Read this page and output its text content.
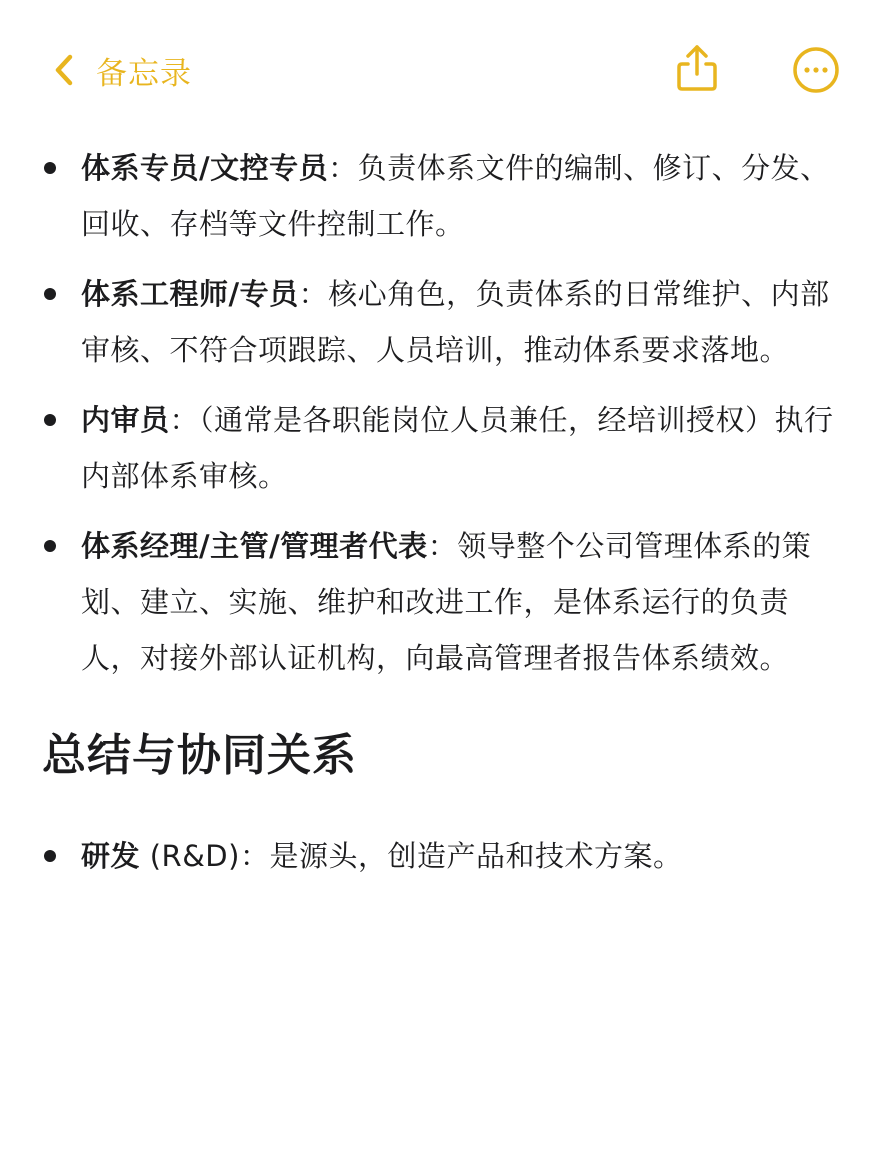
备忘录
体系专员/文控专员：负责体系文件的编制、修订、分发、回收、存档等文件控制工作。
体系工程师/专员：核心角色，负责体系的日常维护、内部审核、不符合项跟踪、人员培训，推动体系要求落地。
内审员：（通常是各职能岗位人员兼任，经培训授权）执行内部体系审核。
体系经理/主管/管理者代表：领导整个公司管理体系的策划、建立、实施、维护和改进工作，是体系运行的负责人，对接外部认证机构，向最高管理者报告体系绩效。
总结与协同关系
研发 (R&D)：是源头，创造产品和技术方案。
